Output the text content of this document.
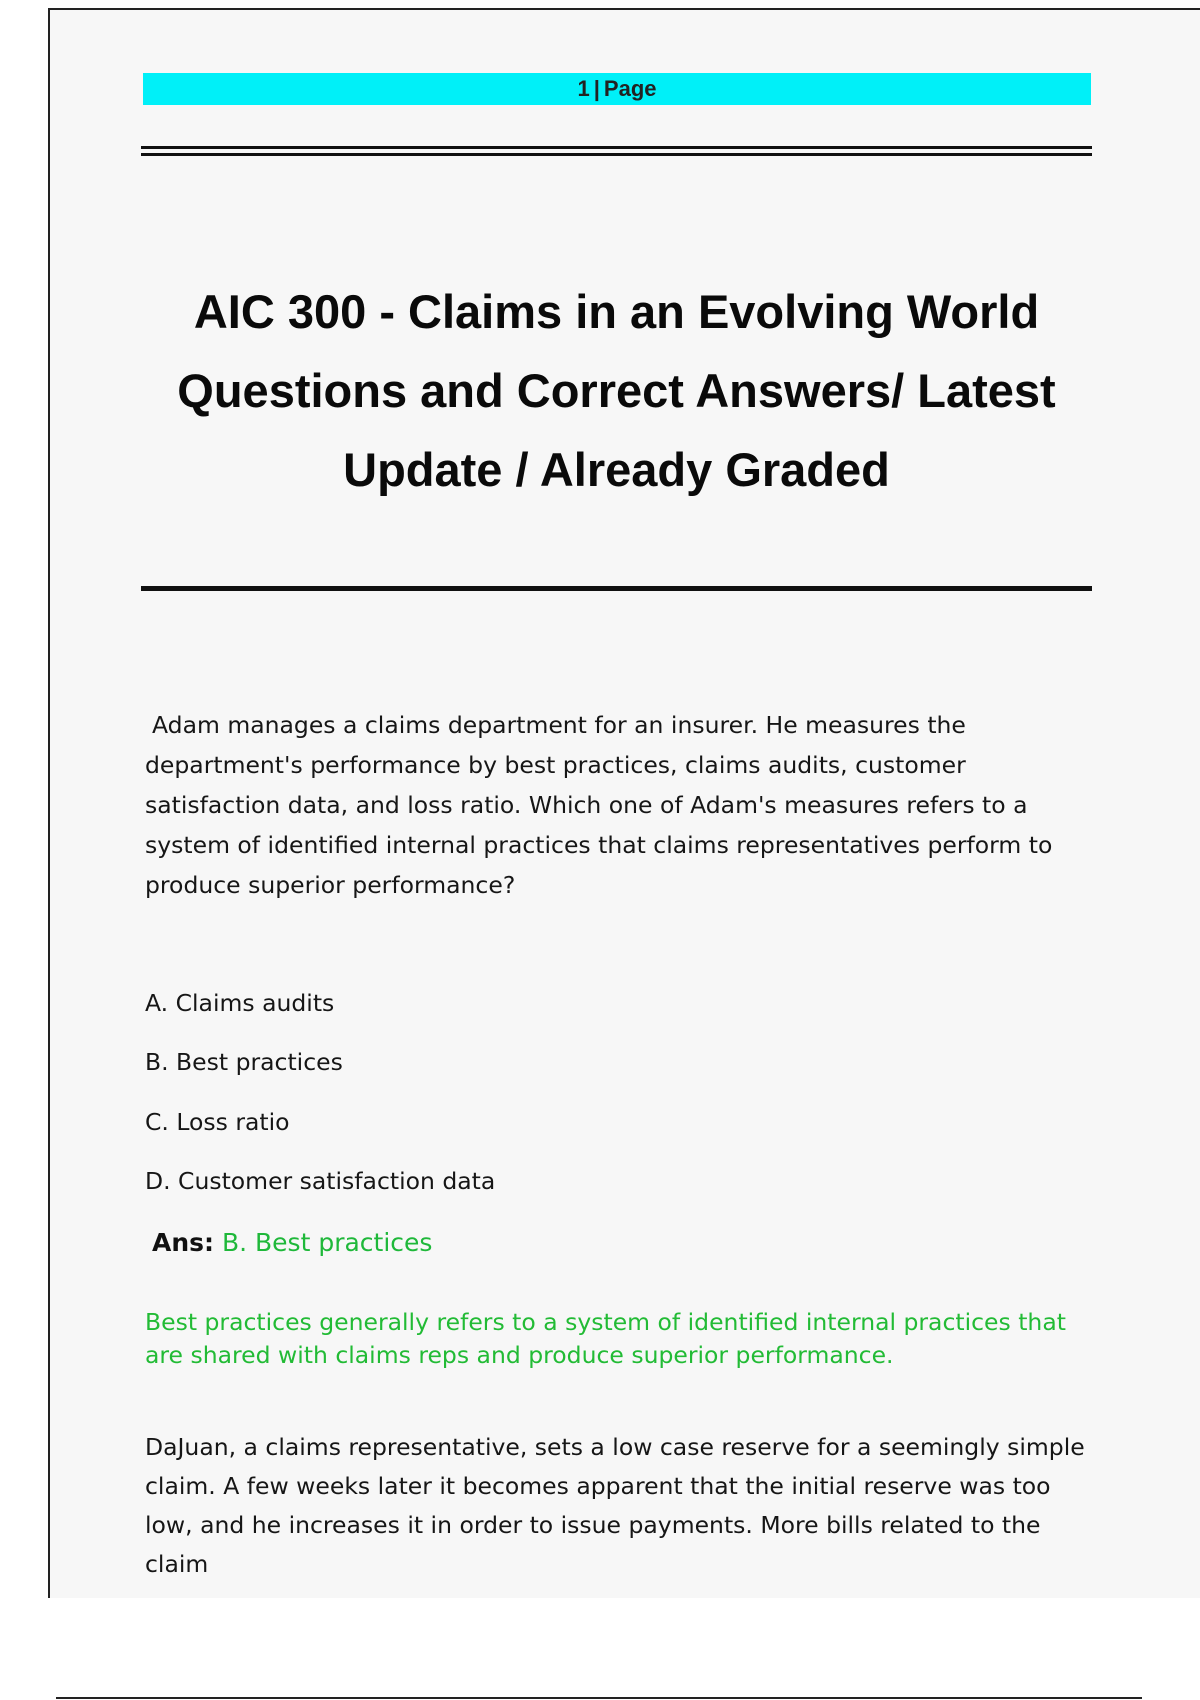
1 | Page
AIC 300 - Claims in an Evolving World Questions and Correct Answers/ Latest Update / Already Graded

Adam manages a claims department for an insurer. He measures the department's performance by best practices, claims audits, customer satisfaction data, and loss ratio. Which one of Adam's measures refers to a system of identified internal practices that claims representatives perform to produce superior performance?

A. Claims audits
B. Best practices
C. Loss ratio
D. Customer satisfaction data
Ans: B. Best practices

Best practices generally refers to a system of identified internal practices that are shared with claims reps and produce superior performance.

DaJuan, a claims representative, sets a low case reserve for a seemingly simple claim. A few weeks later it becomes apparent that the initial reserve was too low, and he increases it in order to issue payments. More bills related to the claim
